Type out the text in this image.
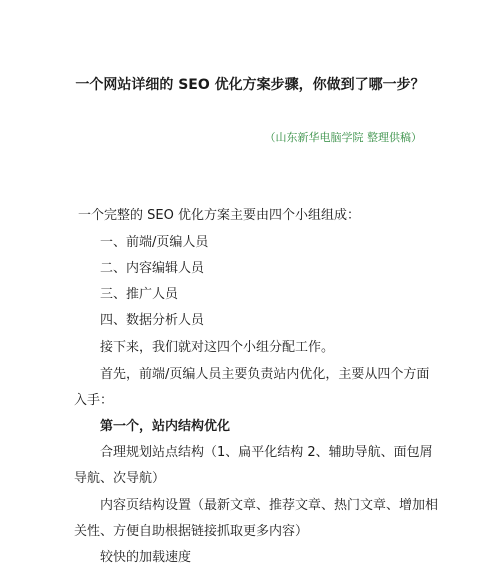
一个网站详细的 SEO 优化方案步骤，你做到了哪一步？
（山东新华电脑学院 整理供稿）
一个完整的 SEO 优化方案主要由四个小组组成：
一、前端/页编人员
二、内容编辑人员
三、推广人员
四、数据分析人员
接下来，我们就对这四个小组分配工作。
首先，前端/页编人员主要负责站内优化，主要从四个方面
入手：
第一个，站内结构优化
合理规划站点结构（1、扁平化结构 2、辅助导航、面包屑
导航、次导航）
内容页结构设置（最新文章、推荐文章、热门文章、增加相
关性、方便自助根据链接抓取更多内容）
较快的加载速度
